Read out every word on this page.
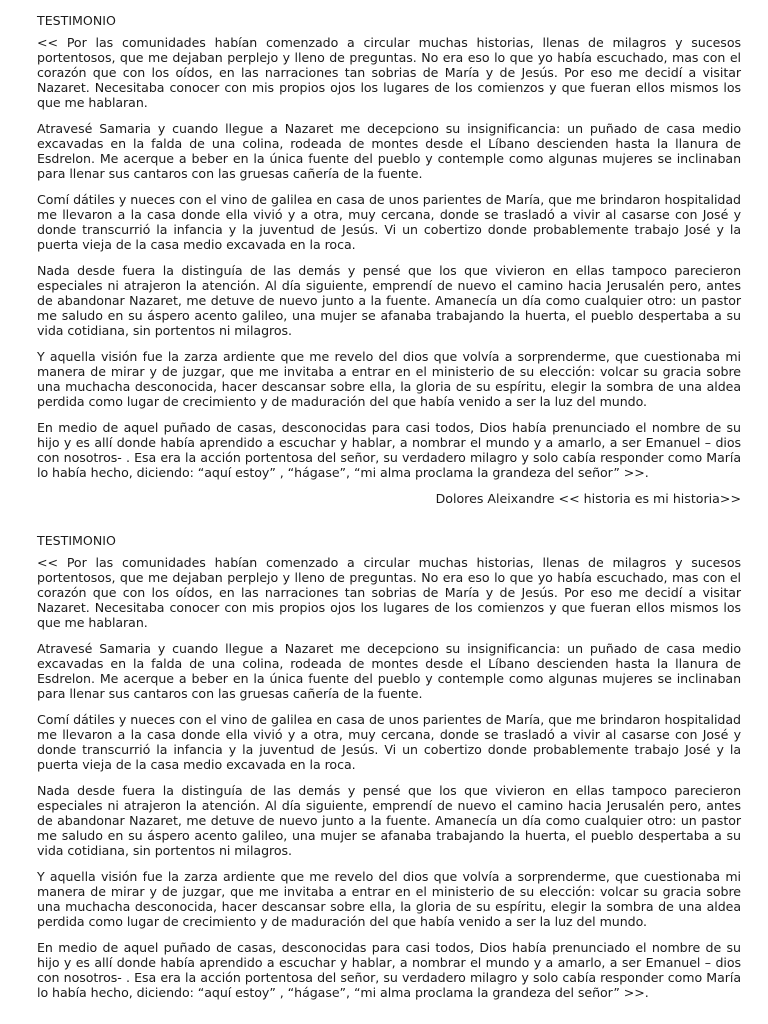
TESTIMONIO

<< Por las comunidades habían comenzado a circular muchas historias, llenas de milagros y sucesos portentosos, que me dejaban perplejo y lleno de preguntas. No era eso lo que yo había escuchado, mas con el corazón que con los oídos, en las narraciones tan sobrias de María y de Jesús. Por eso me decidí a visitar Nazaret. Necesitaba conocer con mis propios ojos los lugares de los comienzos y que fueran ellos mismos los que me hablaran.

Atravesé Samaria y cuando llegue a Nazaret me decepciono su insignificancia: un puñado de casa medio excavadas en la falda de una colina, rodeada de montes desde el Líbano descienden hasta la llanura de Esdrelon. Me acerque a beber en la única fuente del pueblo y contemple como algunas mujeres se inclinaban para llenar sus cantaros con las gruesas cañería de la fuente.

Comí dátiles y nueces con el vino de galilea en casa de unos parientes de María, que me brindaron hospitalidad me llevaron a la casa donde ella vivió y a otra, muy cercana, donde se trasladó a vivir al casarse con José y donde transcurrió la infancia y la juventud de Jesús. Vi un cobertizo donde probablemente trabajo José y la puerta vieja de la casa medio excavada en la roca.

Nada desde fuera la distinguía de las demás y pensé que los que vivieron en ellas tampoco parecieron especiales ni atrajeron la atención. Al día siguiente, emprendí de nuevo el camino hacia Jerusalén pero, antes de abandonar Nazaret, me detuve de nuevo junto a la fuente. Amanecía un día como cualquier otro: un pastor me saludo en su áspero acento galileo, una mujer se afanaba trabajando la huerta, el pueblo despertaba a su vida cotidiana, sin portentos ni milagros.

Y aquella visión fue la zarza ardiente que me revelo del dios que volvía a sorprenderme, que cuestionaba mi manera de mirar y de juzgar, que me invitaba a entrar en el ministerio de su elección: volcar su gracia sobre una muchacha desconocida, hacer descansar sobre ella, la gloria de su espíritu, elegir la sombra de una aldea perdida como lugar de crecimiento y de maduración del que había venido a ser la luz del mundo.

En medio de aquel puñado de casas, desconocidas para casi todos, Dios había prenunciado el nombre de su hijo y es allí donde había aprendido a escuchar y hablar, a nombrar el mundo y a amarlo, a ser Emanuel – dios con nosotros- . Esa era la acción portentosa del señor, su verdadero milagro y solo cabía responder como María lo había hecho, diciendo: “aquí estoy” , “hágase”, “mi alma proclama la grandeza del señor” >>.

Dolores Aleixandre << historia es mi historia>>

TESTIMONIO

<< Por las comunidades habían comenzado a circular muchas historias, llenas de milagros y sucesos portentosos, que me dejaban perplejo y lleno de preguntas. No era eso lo que yo había escuchado, mas con el corazón que con los oídos, en las narraciones tan sobrias de María y de Jesús. Por eso me decidí a visitar Nazaret. Necesitaba conocer con mis propios ojos los lugares de los comienzos y que fueran ellos mismos los que me hablaran.

Atravesé Samaria y cuando llegue a Nazaret me decepciono su insignificancia: un puñado de casa medio excavadas en la falda de una colina, rodeada de montes desde el Líbano descienden hasta la llanura de Esdrelon. Me acerque a beber en la única fuente del pueblo y contemple como algunas mujeres se inclinaban para llenar sus cantaros con las gruesas cañería de la fuente.

Comí dátiles y nueces con el vino de galilea en casa de unos parientes de María, que me brindaron hospitalidad me llevaron a la casa donde ella vivió y a otra, muy cercana, donde se trasladó a vivir al casarse con José y donde transcurrió la infancia y la juventud de Jesús. Vi un cobertizo donde probablemente trabajo José y la puerta vieja de la casa medio excavada en la roca.

Nada desde fuera la distinguía de las demás y pensé que los que vivieron en ellas tampoco parecieron especiales ni atrajeron la atención. Al día siguiente, emprendí de nuevo el camino hacia Jerusalén pero, antes de abandonar Nazaret, me detuve de nuevo junto a la fuente. Amanecía un día como cualquier otro: un pastor me saludo en su áspero acento galileo, una mujer se afanaba trabajando la huerta, el pueblo despertaba a su vida cotidiana, sin portentos ni milagros.

Y aquella visión fue la zarza ardiente que me revelo del dios que volvía a sorprenderme, que cuestionaba mi manera de mirar y de juzgar, que me invitaba a entrar en el ministerio de su elección: volcar su gracia sobre una muchacha desconocida, hacer descansar sobre ella, la gloria de su espíritu, elegir la sombra de una aldea perdida como lugar de crecimiento y de maduración del que había venido a ser la luz del mundo.

En medio de aquel puñado de casas, desconocidas para casi todos, Dios había prenunciado el nombre de su hijo y es allí donde había aprendido a escuchar y hablar, a nombrar el mundo y a amarlo, a ser Emanuel – dios con nosotros- . Esa era la acción portentosa del señor, su verdadero milagro y solo cabía responder como María lo había hecho, diciendo: “aquí estoy” , “hágase”, “mi alma proclama la grandeza del señor” >>.
